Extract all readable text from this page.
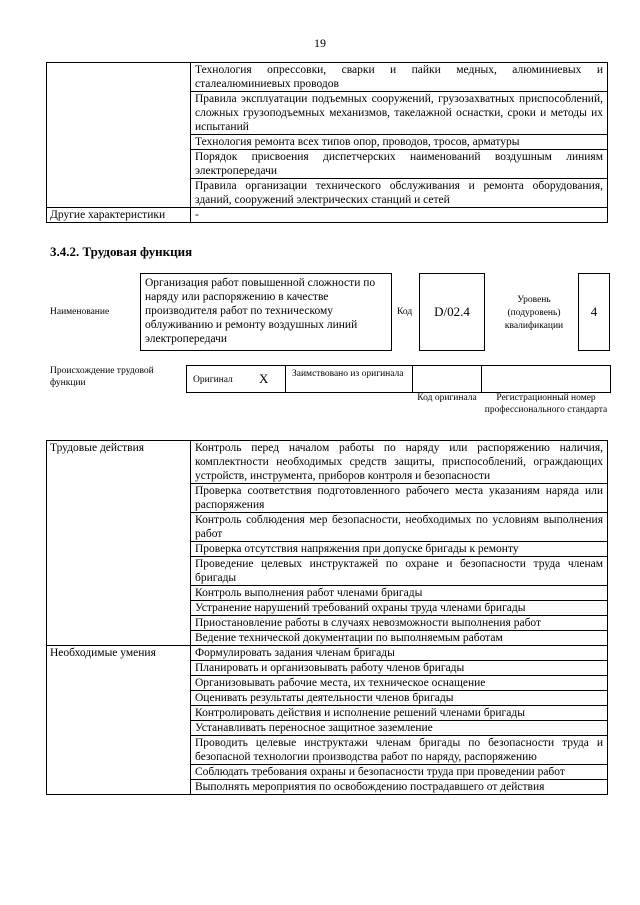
19
	Технология опрессовки, сварки и пайки медных, алюминиевых и сталеалюминиевых проводов
	Правила эксплуатации подъемных сооружений, грузозахватных приспособлений, сложных грузоподъемных механизмов, такелажной оснастки, сроки и методы их испытаний
	Технология ремонта всех типов опор, проводов, тросов, арматуры
	Порядок присвоения диспетчерских наименований воздушным линиям электропередачи
	Правила организации технического обслуживания и ремонта оборудования, зданий, сооружений электрических станций и сетей
Другие характеристики	-
3.4.2. Трудовая функция
Наименование
Организация работ повышенной сложности по наряду или распоряжению в качестве производителя работ по техническому облуживанию и ремонту воздушных линий электропередачи
Код	D/02.4
Уровень (подуровень) квалификации
4
Происхождение трудовой функции	Оригинал X Заимствовано из оригинала
Код оригинала	Регистрационный номер профессионального стандарта
Трудовые действия	Контроль перед началом работы по наряду или распоряжению наличия, комплектности необходимых средств защиты, приспособлений, ограждающих устройств, инструмента, приборов контроля и безопасности
	Проверка соответствия подготовленного рабочего места указаниям наряда или распоряжения
	Контроль соблюдения мер безопасности, необходимых по условиям выполнения работ
	Проверка отсутствия напряжения при допуске бригады к ремонту
	Проведение целевых инструктажей по охране и безопасности труда членам бригады
	Контроль выполнения работ членами бригады
	Устранение нарушений требований охраны труда членами бригады
	Приостановление работы в случаях невозможности выполнения работ
	Ведение технической документации по выполняемым работам
Необходимые умения	Формулировать задания членам бригады
	Планировать и организовывать работу членов бригады
	Организовывать рабочие места, их техническое оснащение
	Оценивать результаты деятельности членов бригады
	Контролировать действия и исполнение решений членами бригады
	Устанавливать переносное защитное заземление
	Проводить целевые инструктажи членам бригады по безопасности труда и безопасной технологии производства работ по наряду, распоряжению
	Соблюдать требования охраны и безопасности труда при проведении работ
	Выполнять мероприятия по освобождению пострадавшего от действия
